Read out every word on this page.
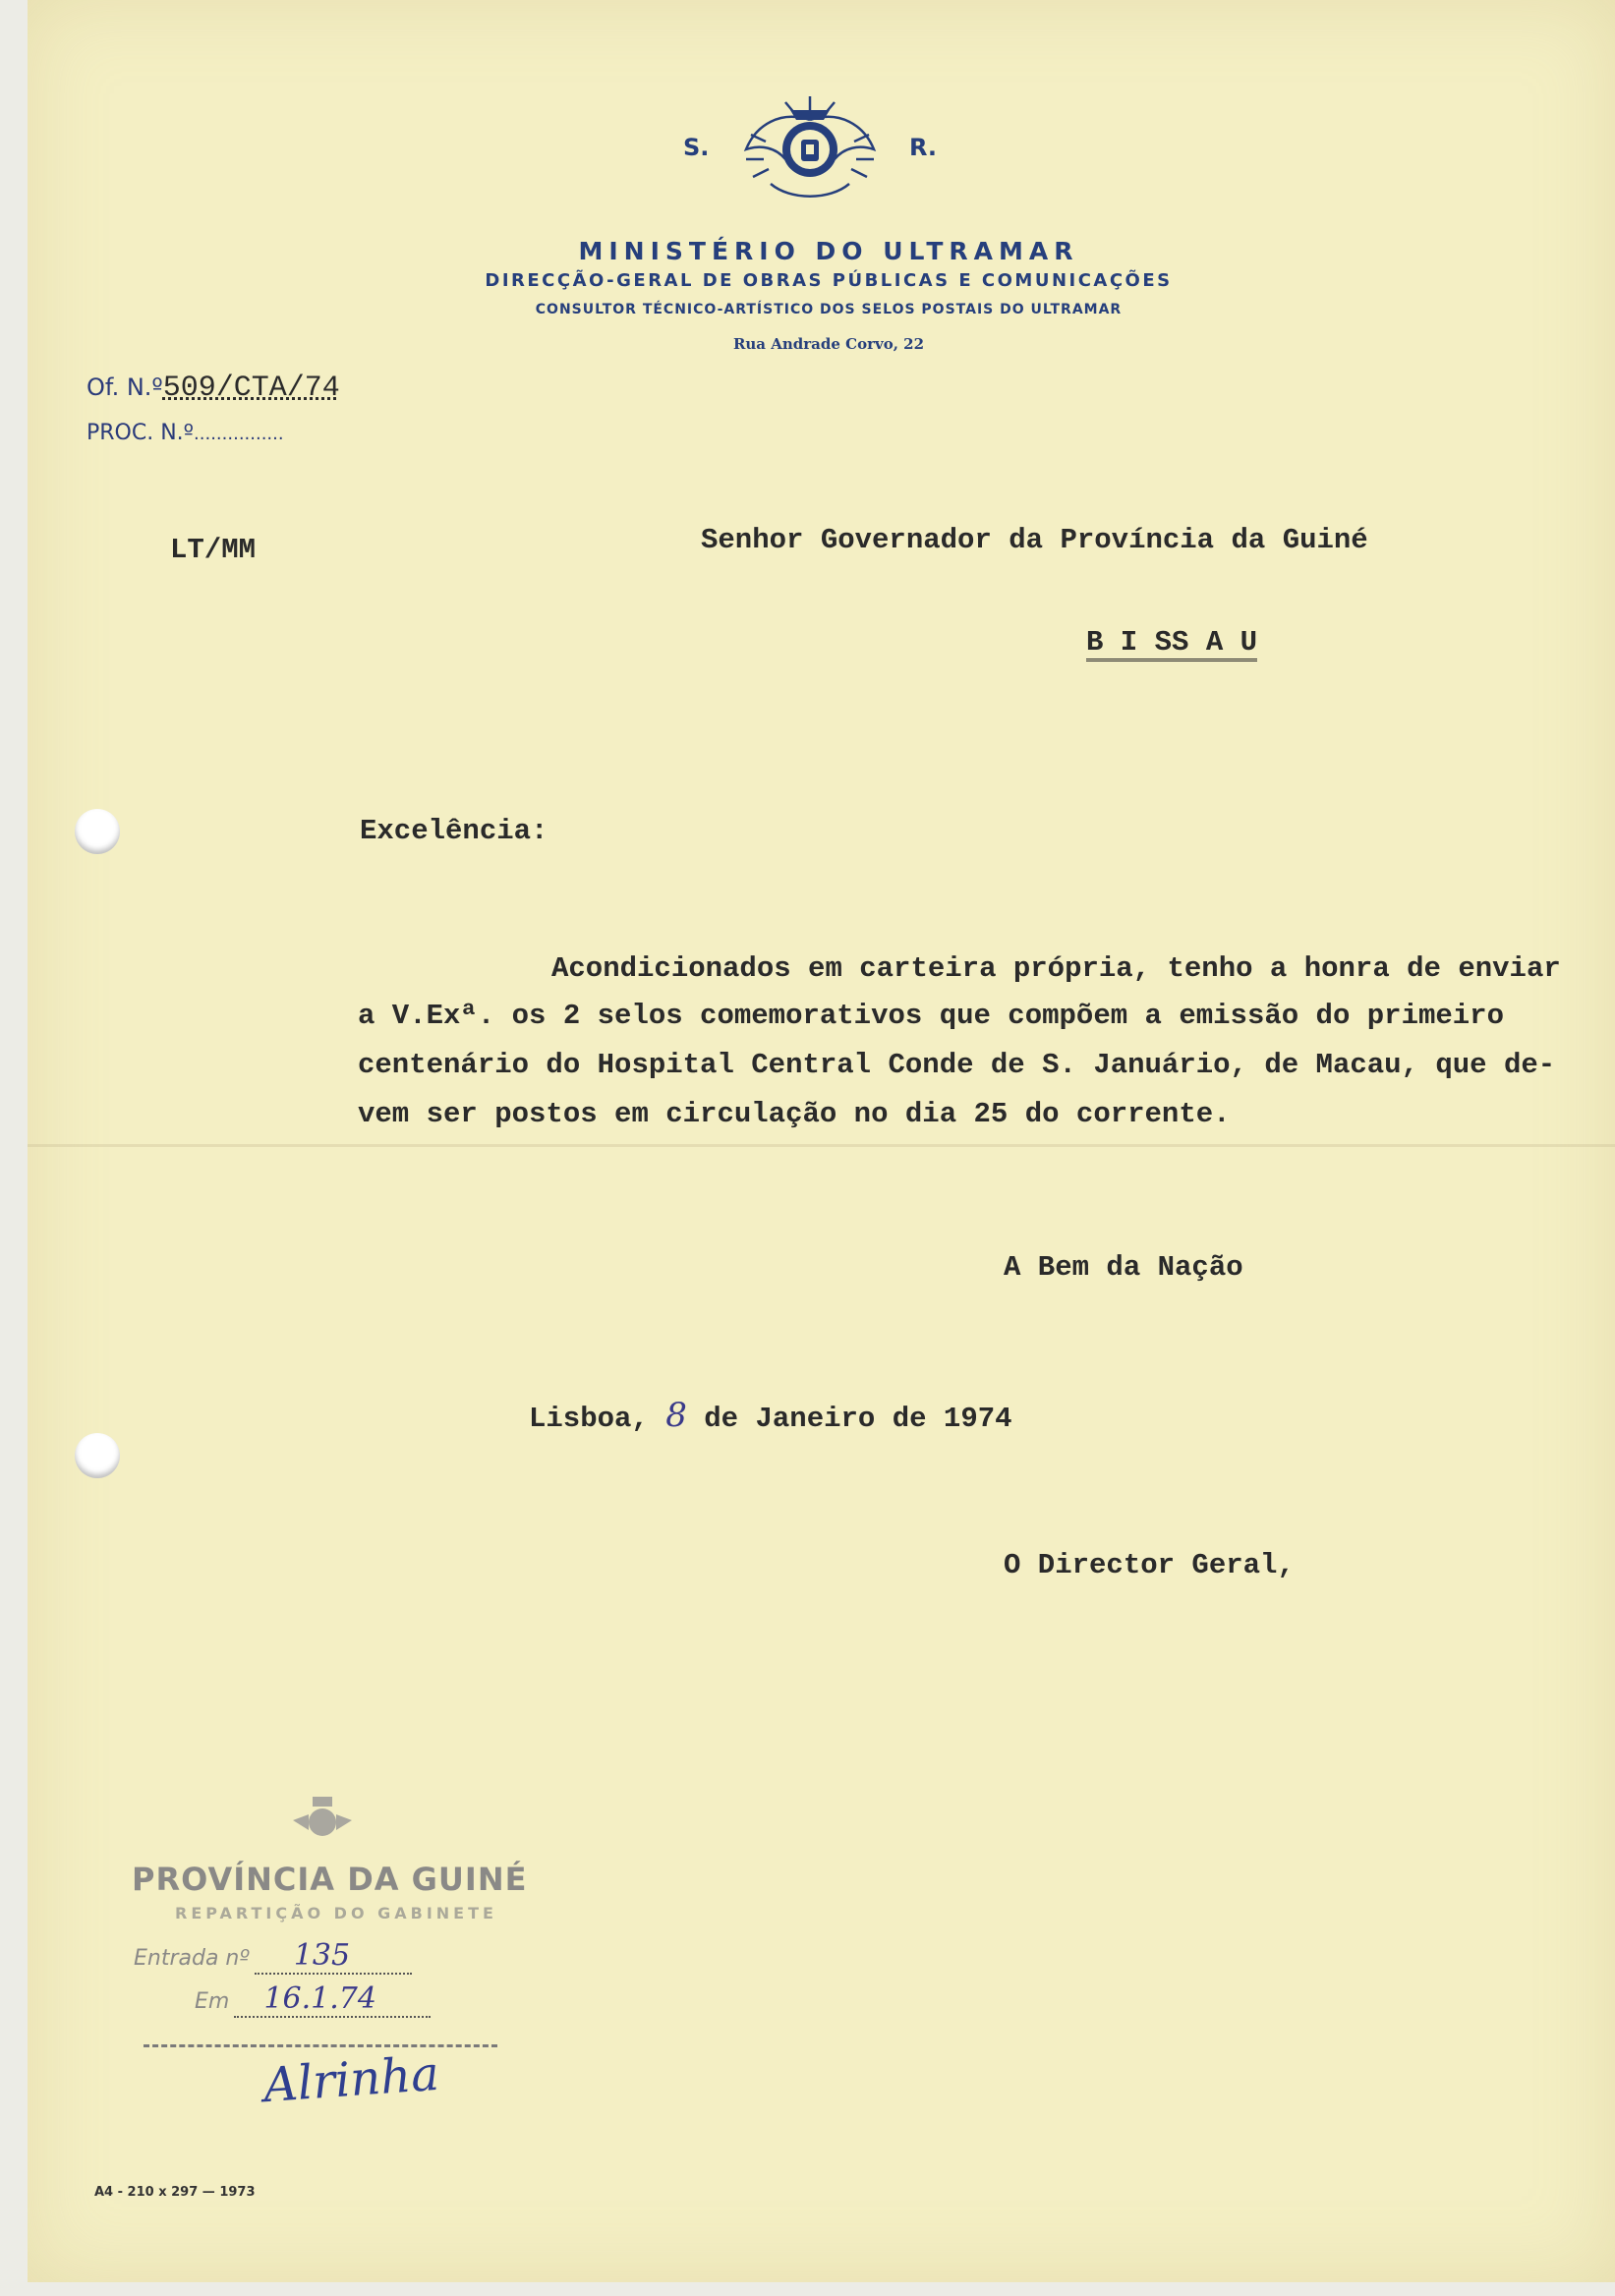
S.	R.
MINISTÉRIO DO ULTRAMAR
DIRECÇÃO-GERAL DE OBRAS PÚBLICAS E COMUNICAÇÕES
CONSULTOR TÉCNICO-ARTÍSTICO DOS SELOS POSTAIS DO ULTRAMAR
Rua Andrade Corvo, 22
Of. N.º509/CTA/74
PROC. N.º................
LT/MM	Senhor Governador da Província da Guiné
B I SS A U
Excelência:
Acondicionados em carteira própria, tenho a honra de enviar
a V.Exª. os 2 selos comemorativos que compõem a emissão do primeiro
centenário do Hospital Central Conde de S. Januário, de Macau, que de-
vem ser postos em circulação no dia 25 do corrente.
A Bem da Nação
Lisboa, 8 de Janeiro de 1974
O Director Geral,
PROVÍNCIA DA GUINÉ
REPARTIÇÃO DO GABINETE
Entrada nº 135
Em 16.1.74
Alrinha
A4 - 210 x 297 — 1973
